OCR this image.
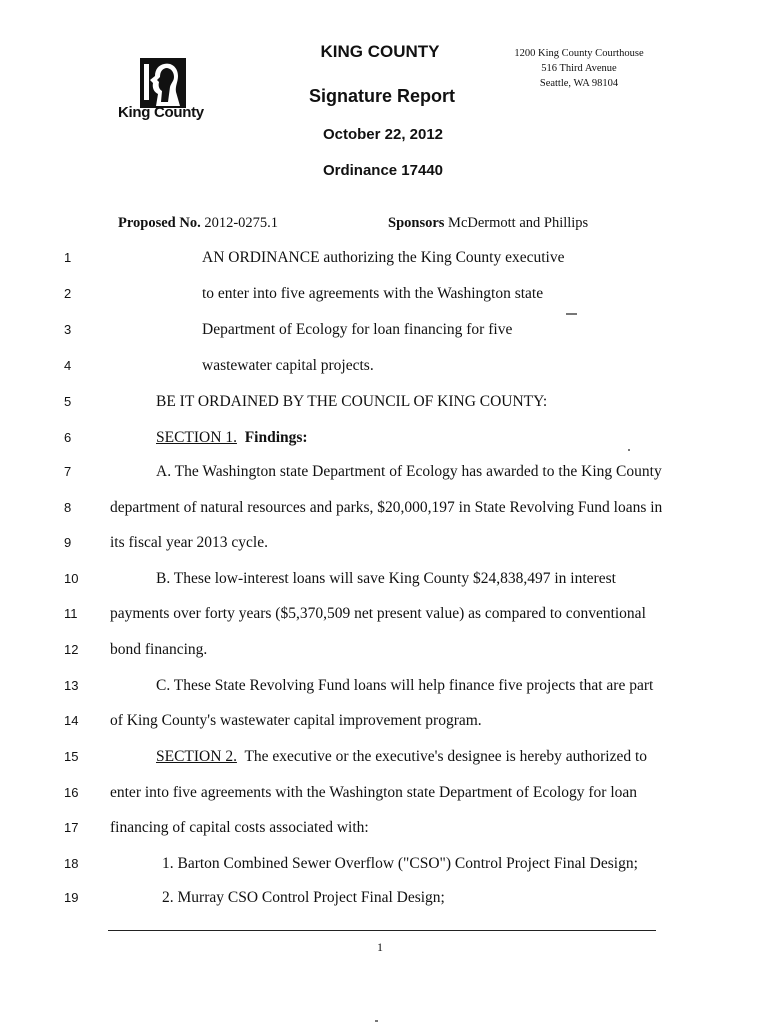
King County
KING COUNTY
Signature Report
October 22, 2012
Ordinance 17440
1200 King County Courthouse
516 Third Avenue
Seattle, WA 98104
Proposed No. 2012-0275.1	Sponsors McDermott and Phillips
1	AN ORDINANCE authorizing the King County executive
2	to enter into five agreements with the Washington state
3	Department of Ecology for loan financing for five
4	wastewater capital projects.
5	BE IT ORDAINED BY THE COUNCIL OF KING COUNTY:
6	SECTION 1. Findings:
7	A. The Washington state Department of Ecology has awarded to the King County
8	department of natural resources and parks, $20,000,197 in State Revolving Fund loans in
9	its fiscal year 2013 cycle.
10	B. These low-interest loans will save King County $24,838,497 in interest
11	payments over forty years ($5,370,509 net present value) as compared to conventional
12	bond financing.
13	C. These State Revolving Fund loans will help finance five projects that are part
14	of King County's wastewater capital improvement program.
15	SECTION 2. The executive or the executive's designee is hereby authorized to
16	enter into five agreements with the Washington state Department of Ecology for loan
17	financing of capital costs associated with:
18	1. Barton Combined Sewer Overflow ("CSO") Control Project Final Design;
19	2. Murray CSO Control Project Final Design;
1
